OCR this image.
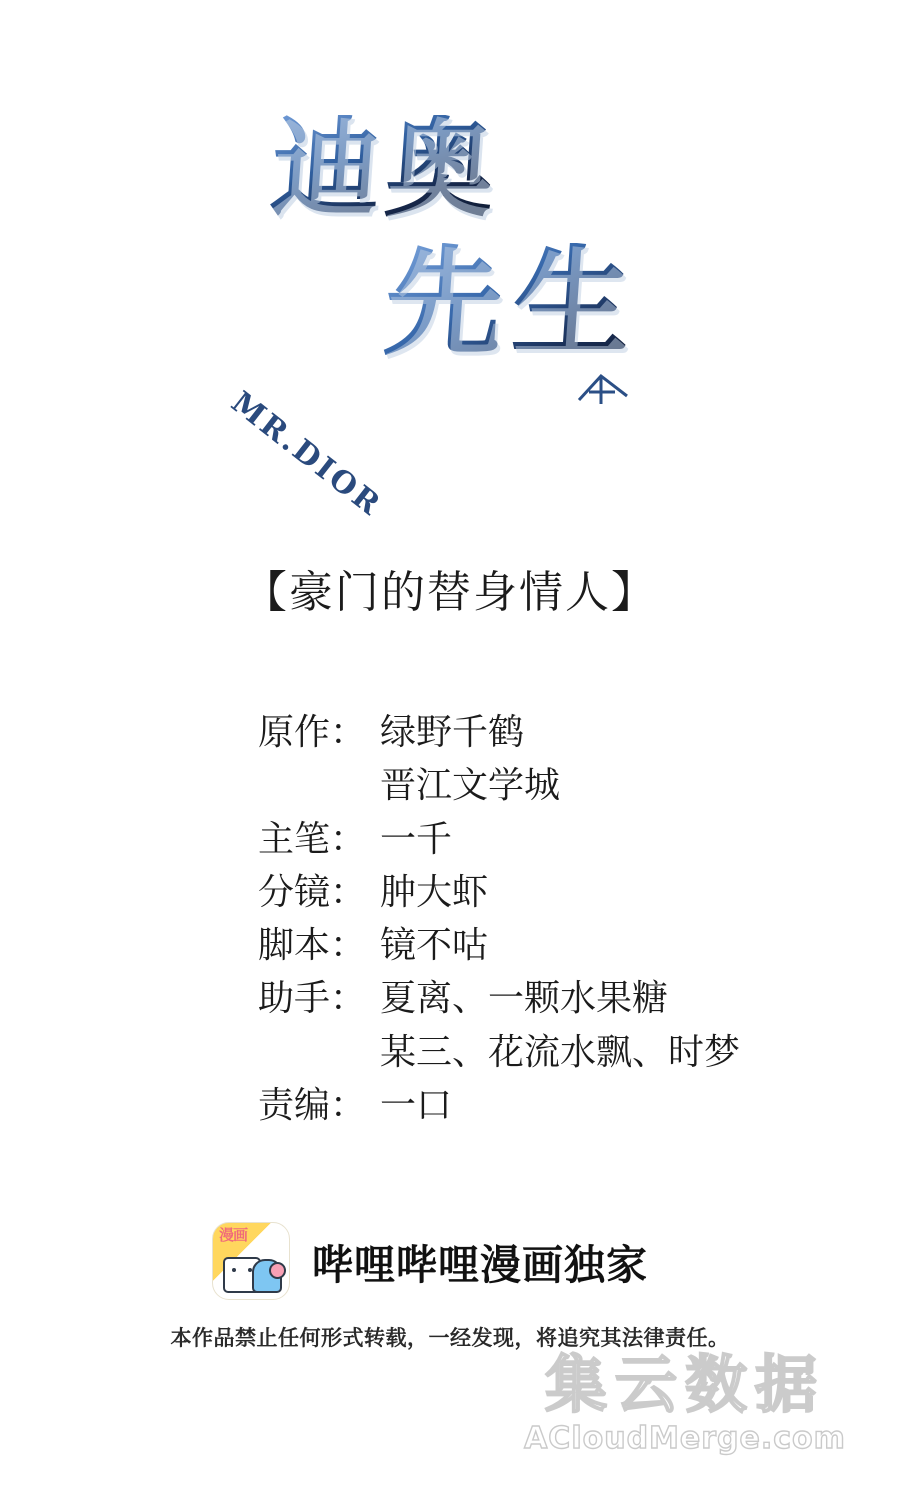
迪奥
先生
MR.DIOR
【豪门的替身情人】
原作： 绿野千鹤
晋江文学城
主笔： 一千
分镜： 肿大虾
脚本： 镜不咕
助手： 夏离、一颗水果糖
某三、花流水飘、时梦
责编： 一口
漫画
哔哩哔哩漫画独家
本作品禁止任何形式转载，一经发现，将追究其法律责任。
集云数据
ACloudMerge.com
